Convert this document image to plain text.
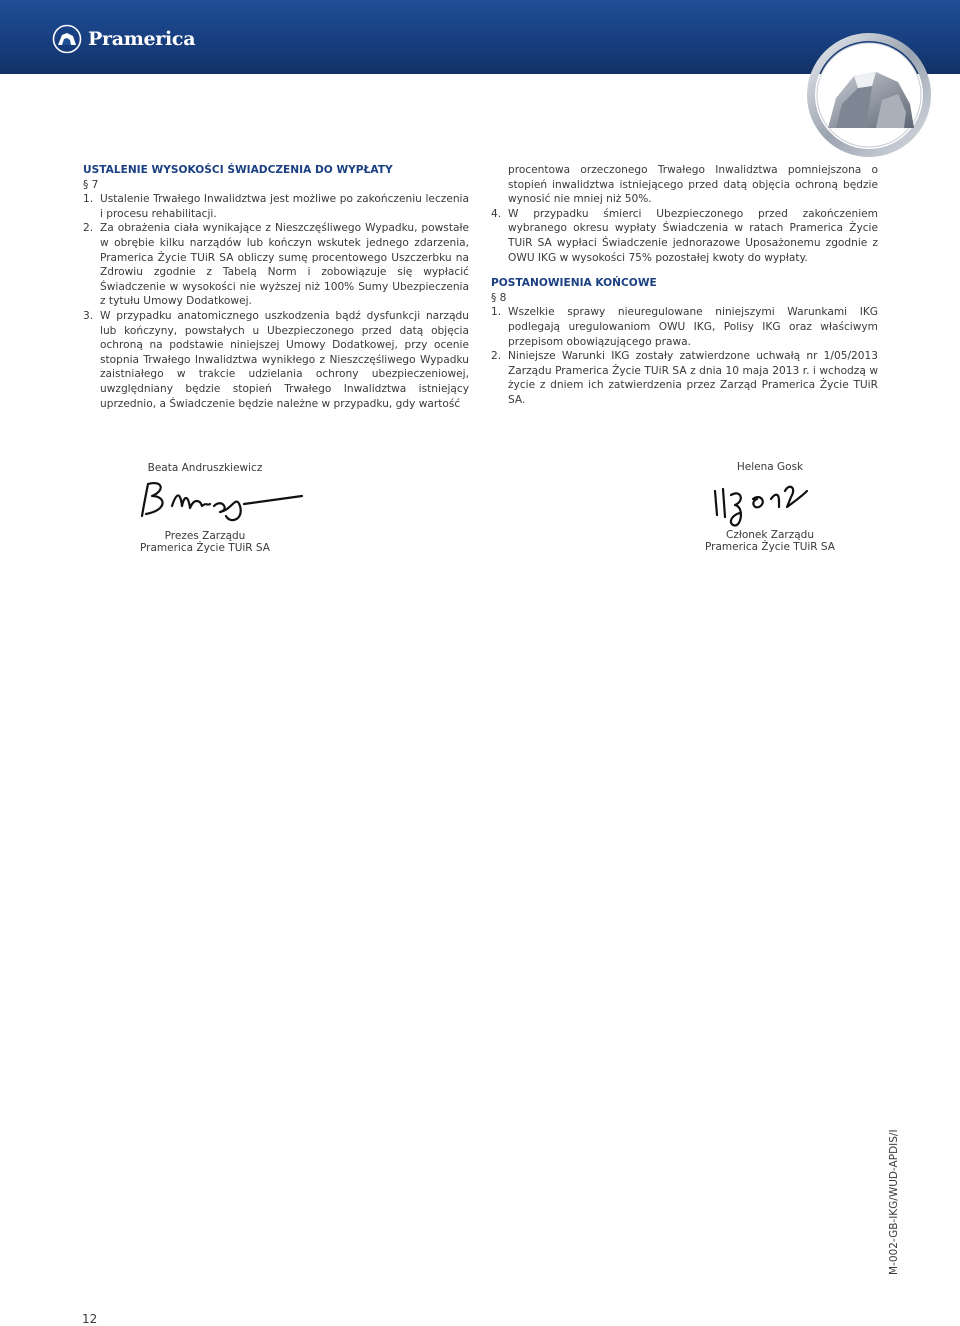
Pramerica

USTALENIE WYSOKOŚCI ŚWIADCZENIA DO WYPŁATY

§ 7

1. Ustalenie Trwałego Inwalidztwa jest możliwe po zakończeniu leczenia i procesu rehabilitacji.
2. Za obrażenia ciała wynikające z Nieszczęśliwego Wypadku, powstałe w obrębie kilku narządów lub kończyn wskutek jednego zdarzenia, Pramerica Życie TUiR SA obliczy sumę procentowego Uszczerbku na Zdrowiu zgodnie z Tabelą Norm i zobowiązuje się wypłacić Świadczenie w wysokości nie wyższej niż 100% Sumy Ubezpieczenia z tytułu Umowy Dodatkowej.
3. W przypadku anatomicznego uszkodzenia bądź dysfunkcji narządu lub kończyny, powstałych u Ubezpieczonego przed datą objęcia ochroną na podstawie niniejszej Umowy Dodatkowej, przy ocenie stopnia Trwałego Inwalidztwa wynikłego z Nieszczęśliwego Wypadku zaistniałego w trakcie udzielania ochrony ubezpieczeniowej, uwzględniany będzie stopień Trwałego Inwalidztwa istniejący uprzednio, a Świadczenie będzie należne w przypadku, gdy wartość

procentowa orzeczonego Trwałego Inwalidztwa pomniejszona o stopień inwalidztwa istniejącego przed datą objęcia ochroną będzie wynosić nie mniej niż 50%.

4. W przypadku śmierci Ubezpieczonego przed zakończeniem wybranego okresu wypłaty Świadczenia w ratach Pramerica Życie TUiR SA wypłaci Świadczenie jednorazowe Uposażonemu zgodnie z OWU IKG w wysokości 75% pozostałej kwoty do wypłaty.

POSTANOWIENIA KOŃCOWE

§ 8

1. Wszelkie sprawy nieuregulowane niniejszymi Warunkami IKG podlegają uregulowaniom OWU IKG, Polisy IKG oraz właściwym przepisom obowiązującego prawa.
2. Niniejsze Warunki IKG zostały zatwierdzone uchwałą nr 1/05/2013 Zarządu Pramerica Życie TUiR SA z dnia 10 maja 2013 r. i wchodzą w życie z dniem ich zatwierdzenia przez Zarząd Pramerica Życie TUiR SA.
Beata Andruszkiewicz
Prezes Zarządu
Pramerica Życie TUiR SA
Helena Gosk
Członek Zarządu
Pramerica Życie TUiR SA
M-002-GB-IKG/WUD-APDIS/I
12
